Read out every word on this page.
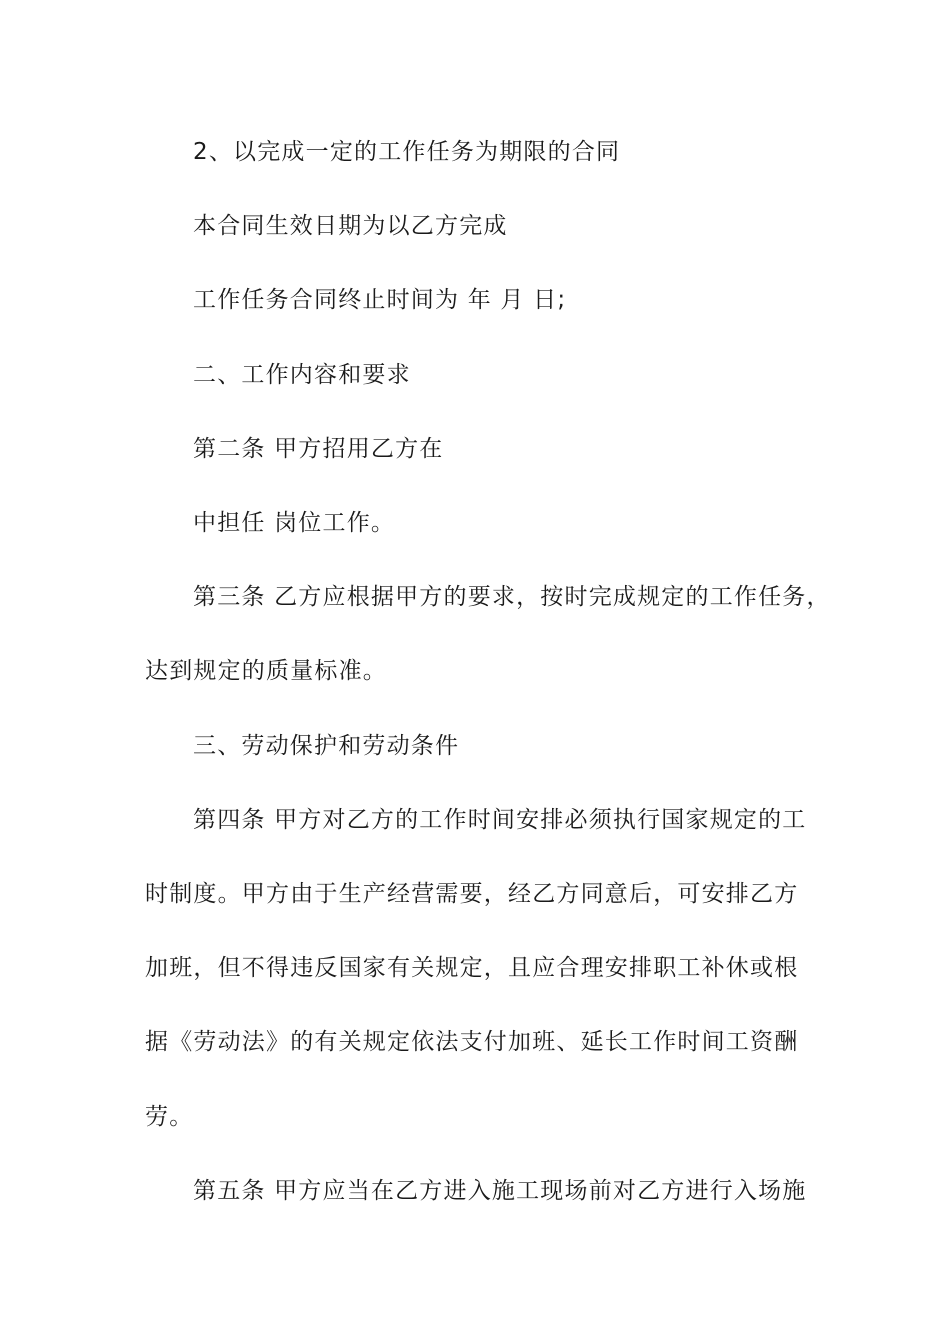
2、以完成一定的工作任务为期限的合同
本合同生效日期为以乙方完成
工作任务合同终止时间为 年 月 日;
二、工作内容和要求
第二条 甲方招用乙方在
中担任 岗位工作。
第三条 乙方应根据甲方的要求，按时完成规定的工作任务，
达到规定的质量标准。
三、劳动保护和劳动条件
第四条 甲方对乙方的工作时间安排必须执行国家规定的工
时制度。甲方由于生产经营需要，经乙方同意后，可安排乙方
加班，但不得违反国家有关规定，且应合理安排职工补休或根
据《劳动法》的有关规定依法支付加班、延长工作时间工资酬
劳。
第五条 甲方应当在乙方进入施工现场前对乙方进行入场施
